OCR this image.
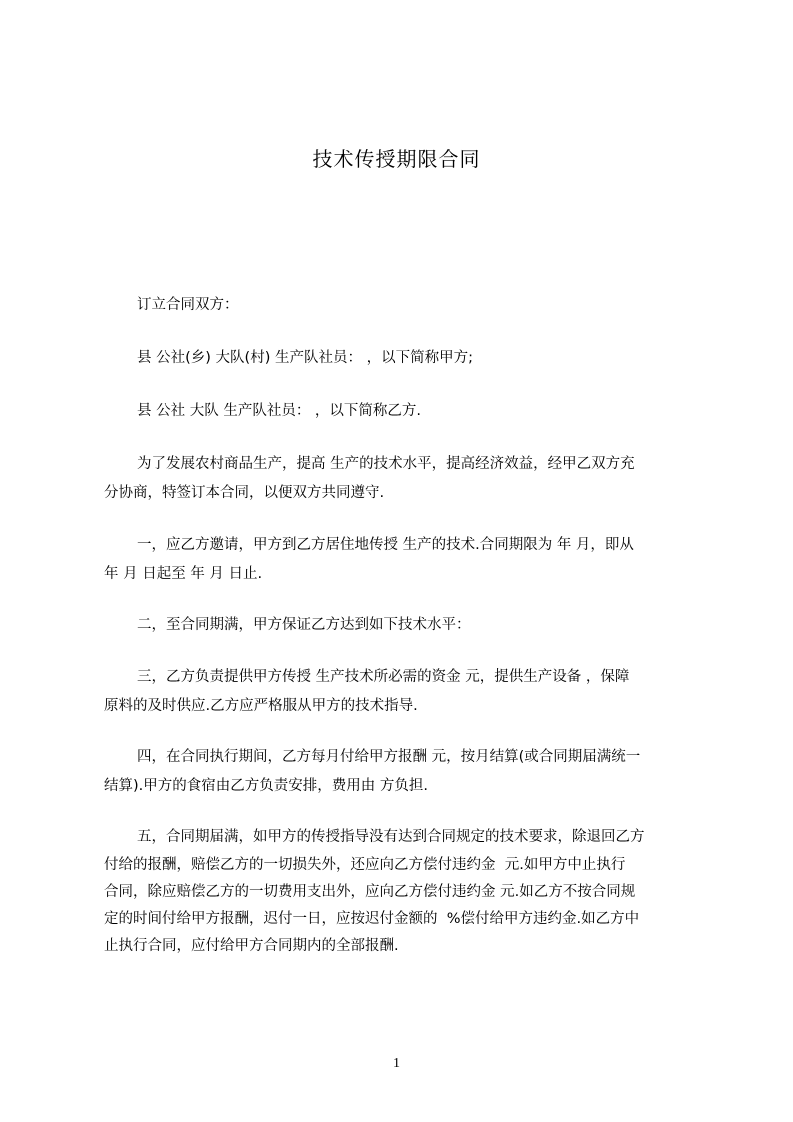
技术传授期限合同
订立合同双方：
县 公社(乡) 大队(村) 生产队社员： ，以下简称甲方;
县 公社 大队 生产队社员： ，以下简称乙方.
为了发展农村商品生产，提高 生产的技术水平，提高经济效益，经甲乙双方充
分协商，特签订本合同，以便双方共同遵守.
一，应乙方邀请，甲方到乙方居住地传授 生产的技术.合同期限为 年 月，即从
年 月 日起至 年 月 日止.
二，至合同期满，甲方保证乙方达到如下技术水平：
三，乙方负责提供甲方传授 生产技术所必需的资金 元，提供生产设备 ，保障
原料的及时供应.乙方应严格服从甲方的技术指导.
四，在合同执行期间，乙方每月付给甲方报酬 元，按月结算(或合同期届满统一
结算).甲方的食宿由乙方负责安排，费用由 方负担.
五，合同期届满，如甲方的传授指导没有达到合同规定的技术要求，除退回乙方
付给的报酬，赔偿乙方的一切损失外，还应向乙方偿付违约金  元.如甲方中止执行
合同，除应赔偿乙方的一切费用支出外，应向乙方偿付违约金 元.如乙方不按合同规
定的时间付给甲方报酬，迟付一日，应按迟付金额的  %偿付给甲方违约金.如乙方中
止执行合同，应付给甲方合同期内的全部报酬.
1
